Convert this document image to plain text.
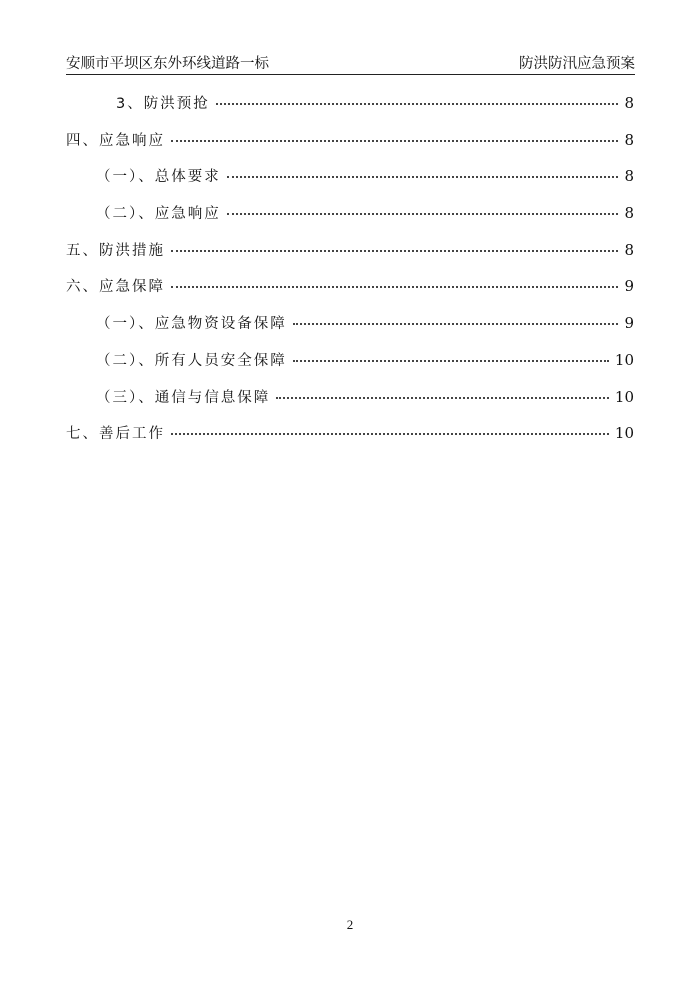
安顺市平坝区东外环线道路一标	防洪防汛应急预案
3、防洪预抢	8
四、应急响应	8
（一）、总体要求	8
（二）、应急响应	8
五、防洪措施	8
六、应急保障	9
（一）、应急物资设备保障	9
（二）、所有人员安全保障	10
（三）、通信与信息保障	10
七、善后工作	10
2
